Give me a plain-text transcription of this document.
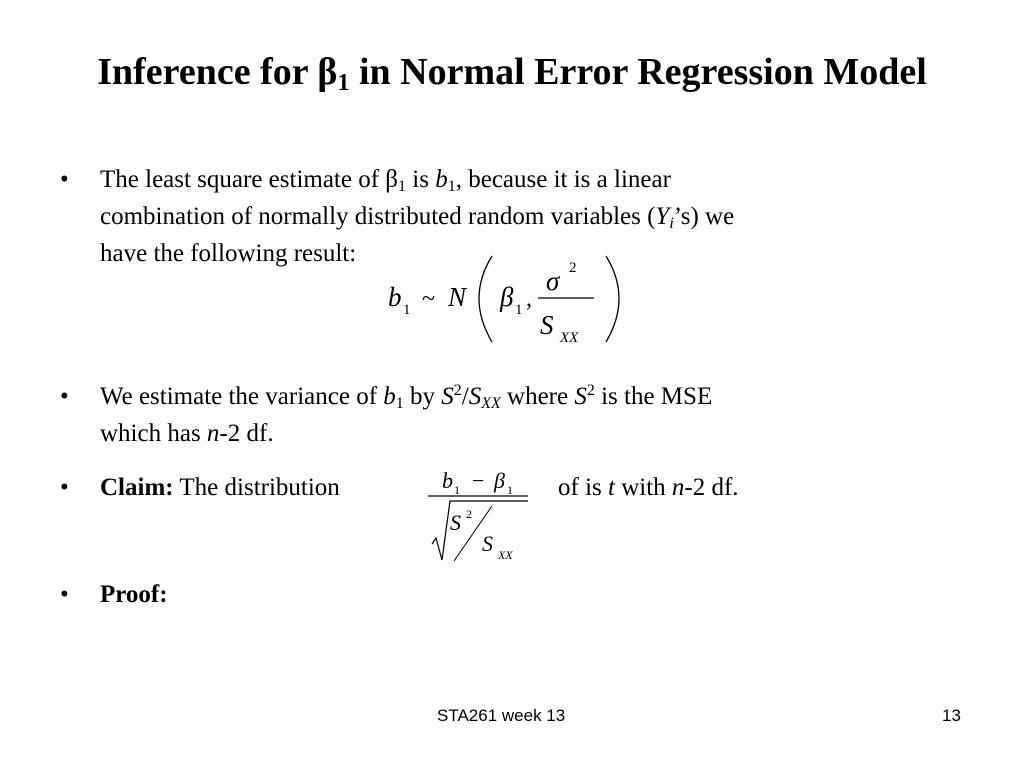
Inference for $\beta_1$ in Normal Error Regression Model
• The least square estimate of $\beta_1$ is $b_1$, because it is a linear
combination of normally distributed random variables $(Y_i’s)$ we
have the following result:
b 1 ~ N β 1 ,
σ 2
S XX
• We estimate the variance of $b_1$ by $S^2/S_{XX}$ where $S^2$ is the MSE
which has n-2 df.
• Claim: The distribution	of is t with n-2 df.
b 1 − β 1
S 2
S XX
• Proof:
STA261 week 13	13
